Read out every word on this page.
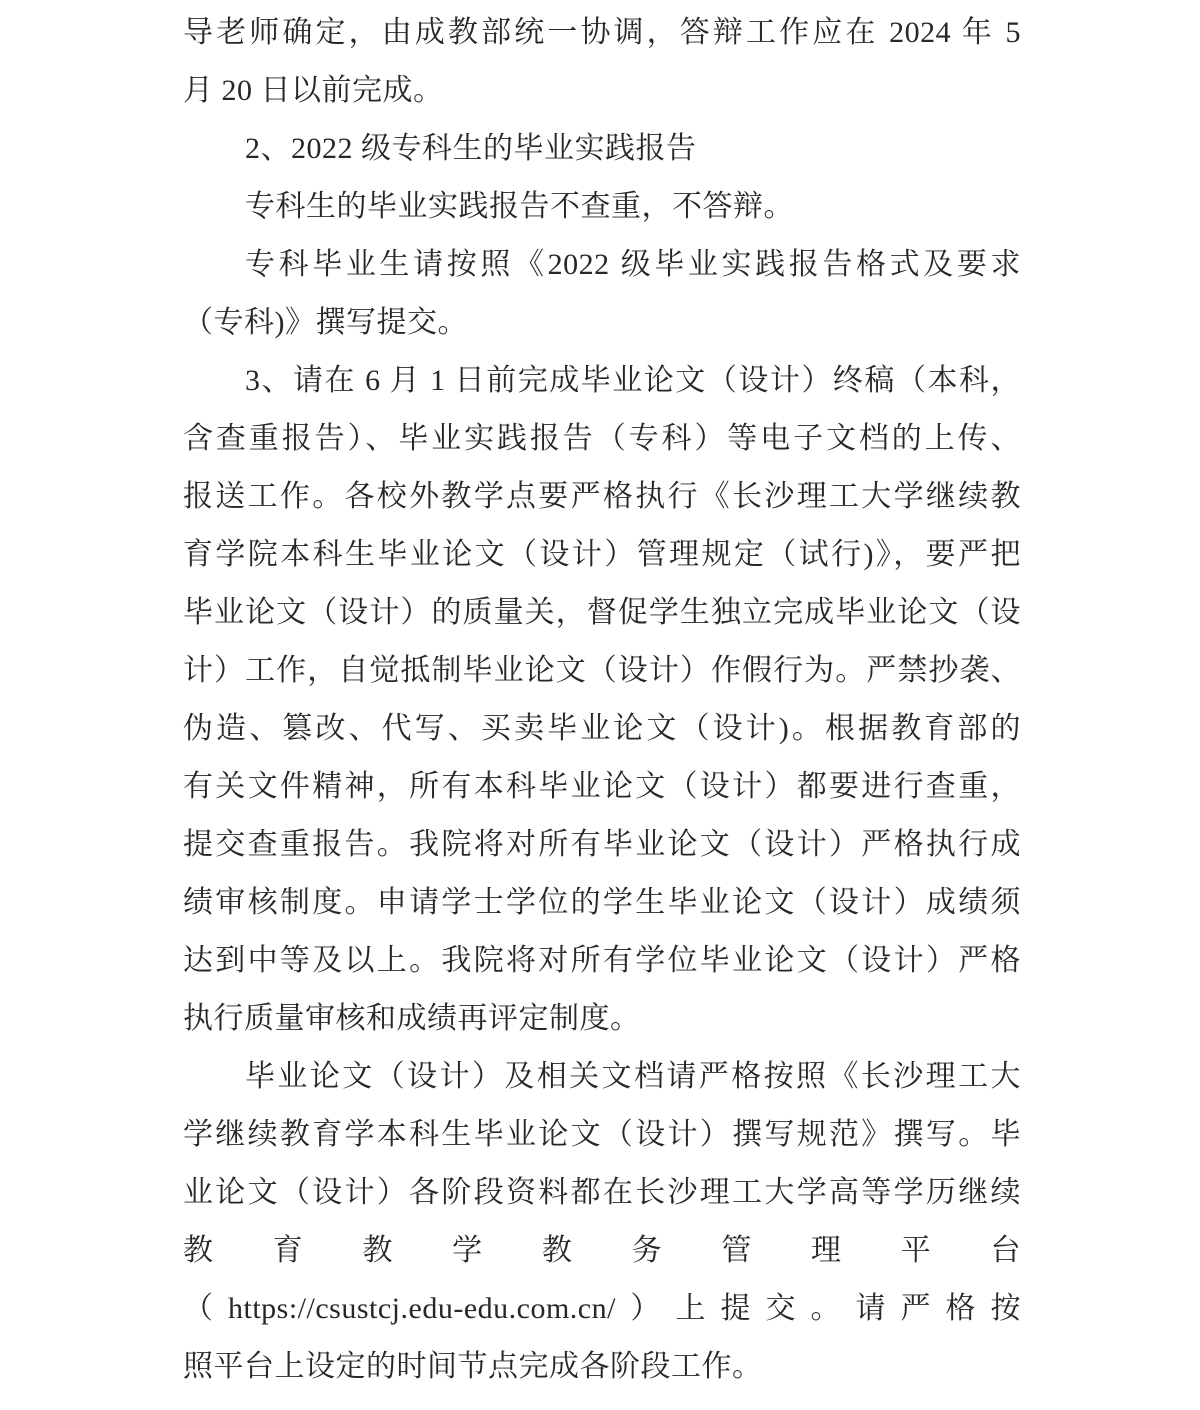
导老师确定，由成教部统一协调，答辩工作应在 2024 年 5
月 20 日以前完成。
2、2022 级专科生的毕业实践报告
专科生的毕业实践报告不查重，不答辩。
专科毕业生请按照《2022 级毕业实践报告格式及要求
（专科)》撰写提交。
3、请在 6 月 1 日前完成毕业论文（设计）终稿（本科，
含查重报告）、毕业实践报告（专科）等电子文档的上传、
报送工作。各校外教学点要严格执行《长沙理工大学继续教
育学院本科生毕业论文（设计）管理规定（试行)》，要严把
毕业论文（设计）的质量关，督促学生独立完成毕业论文（设
计）工作，自觉抵制毕业论文（设计）作假行为。严禁抄袭、
伪造、篡改、代写、买卖毕业论文（设计)。根据教育部的
有关文件精神，所有本科毕业论文（设计）都要进行查重，
提交查重报告。我院将对所有毕业论文（设计）严格执行成
绩审核制度。申请学士学位的学生毕业论文（设计）成绩须
达到中等及以上。我院将对所有学位毕业论文（设计）严格
执行质量审核和成绩再评定制度。
毕业论文（设计）及相关文档请严格按照《长沙理工大
学继续教育学本科生毕业论文（设计）撰写规范》撰写。毕
业论文（设计）各阶段资料都在长沙理工大学高等学历继续
教育教学教务管理平台
（https://csustcj.edu-edu.com.cn/）上提交。请严格按
照平台上设定的时间节点完成各阶段工作。
